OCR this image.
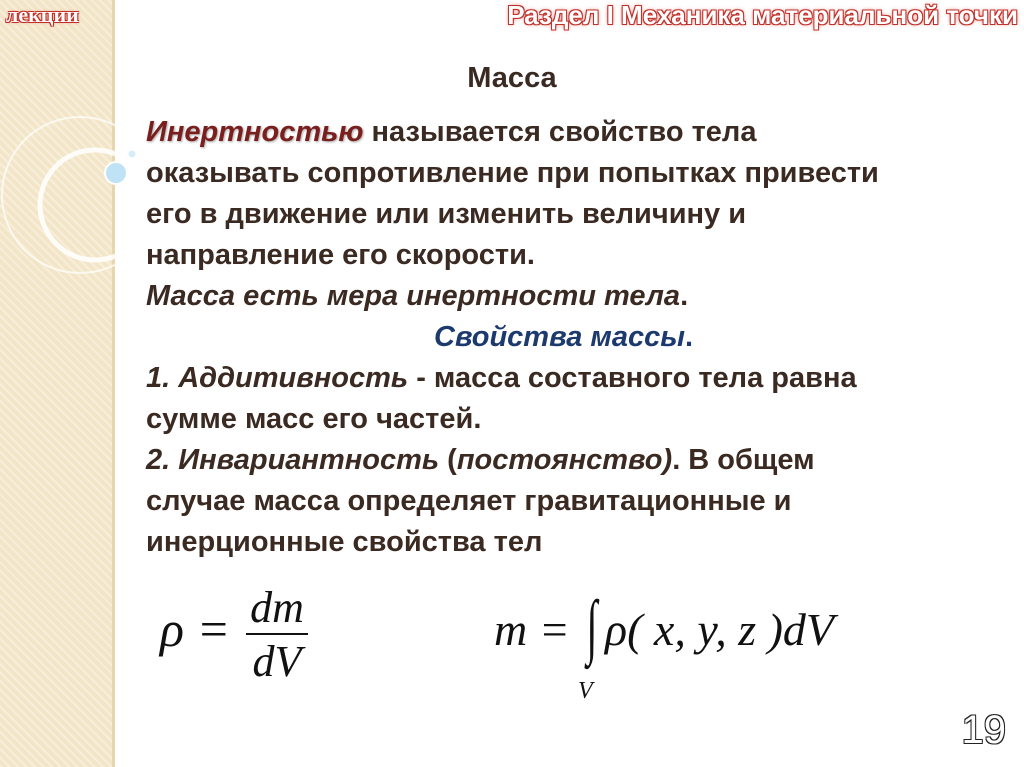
лекции	Раздел I Механика материальной точки
Масса

Инертностью называется свойство тела

оказывать сопротивление при попытках привести

его в движение или изменить величину и

направление его скорости.

Масса есть мера инертности тела.

Свойства массы.

1. Аддитивность - масса составного тела равна

сумме масс его частей.

2. Инвариантность (постоянство). В общем

случае масса определяет гравитационные и

инерционные свойства тел

ρ = dm
dV
m = ∫
V
ρ( x, y, z )dV
19
